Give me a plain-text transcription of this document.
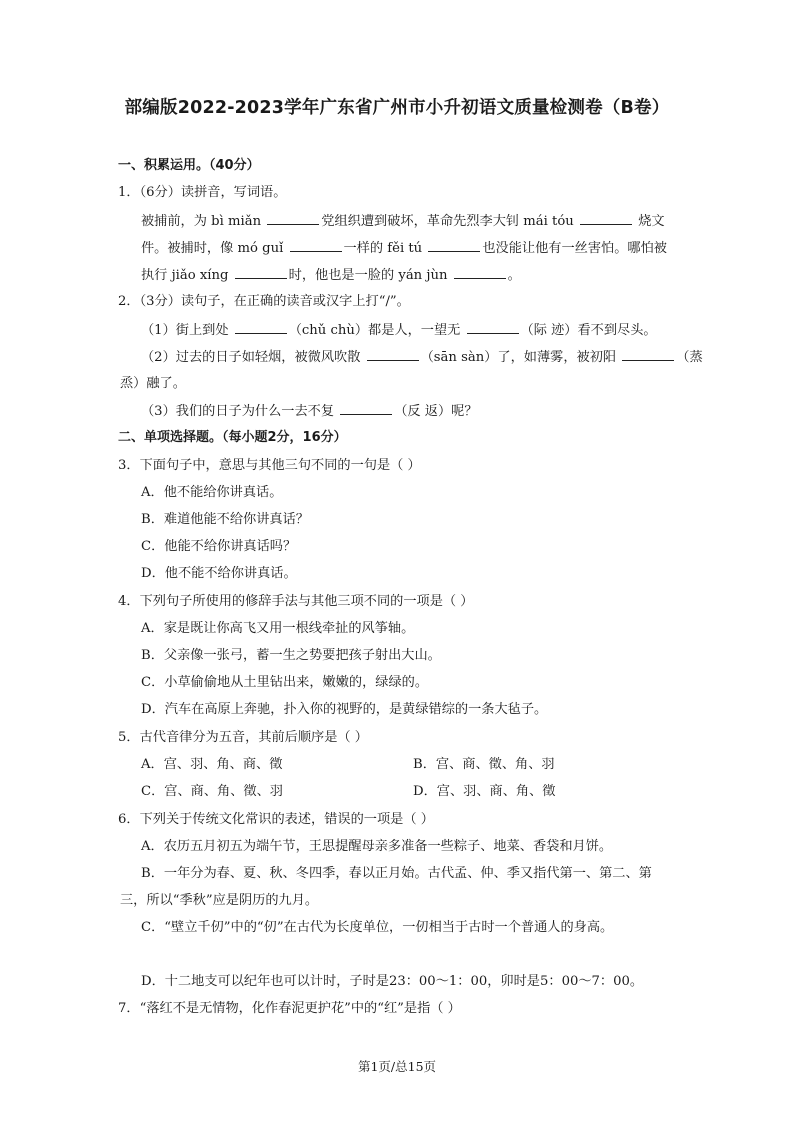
部编版2022-2023学年广东省广州市小升初语文质量检测卷（B卷）
一、积累运用。（40分）
1．（6分）读拼音，写词语。
被捕前，为 bì miǎn	党组织遭到破坏，革命先烈李大钊 mái tóu	烧文
件。被捕时，像 mó guǐ	一样的 fěi tú	也没能让他有一丝害怕。哪怕被
执行 jiǎo xíng	时，他也是一脸的 yán jùn	。
2．（3分）读句子，在正确的读音或汉字上打“/”。
（1）街上到处	（chǔ chù）都是人，一望无	（际 迹）看不到尽头。
（2）过去的日子如轻烟，被微风吹散	（sān sàn）了，如薄雾，被初阳	（蒸
烝）融了。
（3）我们的日子为什么一去不复	（反 返）呢？
二、单项选择题。（每小题2分，16分）
3．下面句子中，意思与其他三句不同的一句是（ ）
A．他不能给你讲真话。
B．难道他能不给你讲真话？
C．他能不给你讲真话吗？
D．他不能不给你讲真话。
4．下列句子所使用的修辞手法与其他三项不同的一项是（ ）
A．家是既让你高飞又用一根线牵扯的风筝轴。
B．父亲像一张弓，蓄一生之势要把孩子射出大山。
C．小草偷偷地从土里钻出来，嫩嫩的，绿绿的。
D．汽车在高原上奔驰，扑入你的视野的，是黄绿错综的一条大毡子。
5．古代音律分为五音，其前后顺序是（ ）
A．宫、羽、角、商、徵	B．宫、商、徵、角、羽
C．宫、商、角、徵、羽	D．宫、羽、商、角、徵
6．下列关于传统文化常识的表述，错误的一项是（ ）
A．农历五月初五为端午节，王思提醒母亲多准备一些粽子、地菜、香袋和月饼。
B．一年分为春、夏、秋、冬四季，春以正月始。古代孟、仲、季又指代第一、第二、第
三，所以“季秋”应是阴历的九月。
C．“壁立千仞”中的“仞”在古代为长度单位，一仞相当于古时一个普通人的身高。
D．十二地支可以纪年也可以计时，子时是23：00～1：00，卯时是5：00～7：00。
7．“落红不是无情物，化作春泥更护花”中的“红”是指（ ）
第1页/总15页
